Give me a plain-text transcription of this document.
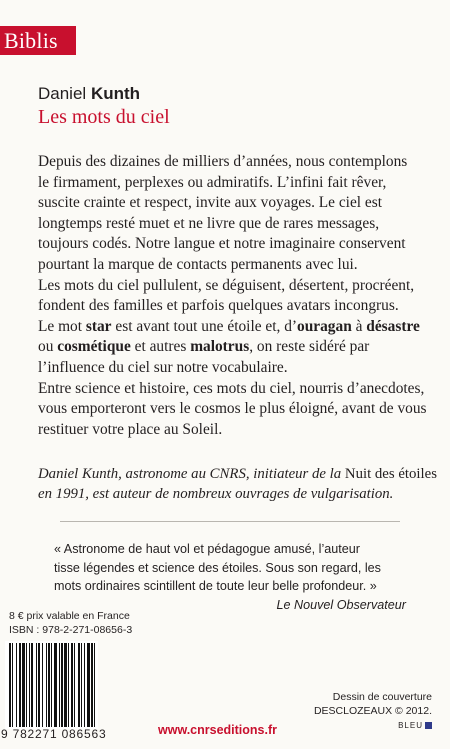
Biblis
Daniel Kunth
Les mots du ciel
Depuis des dizaines de milliers d’années, nous contemplons
le firmament, perplexes ou admiratifs. L’infini fait rêver,
suscite crainte et respect, invite aux voyages. Le ciel est
longtemps resté muet et ne livre que de rares messages,
toujours codés. Notre langue et notre imaginaire conservent
pourtant la marque de contacts permanents avec lui.
Les mots du ciel pullulent, se déguisent, désertent, procréent,
fondent des familles et parfois quelques avatars incongrus.
Le mot star est avant tout une étoile et, d’ouragan à désastre
ou cosmétique et autres malotrus, on reste sidéré par
l’influence du ciel sur notre vocabulaire.
Entre science et histoire, ces mots du ciel, nourris d’anecdotes,
vous emporteront vers le cosmos le plus éloigné, avant de vous
restituer votre place au Soleil.
Daniel Kunth, astronome au CNRS, initiateur de la Nuit des étoiles
en 1991, est auteur de nombreux ouvrages de vulgarisation.
« Astronome de haut vol et pédagogue amusé, l’auteur
tisse légendes et science des étoiles. Sous son regard, les
mots ordinaires scintillent de toute leur belle profondeur. »
Le Nouvel Observateur
8 € prix valable en France
ISBN : 978-2-271-08656-3
9 782271 086563	www.cnrseditions.fr
Dessin de couverture
DESCLOZEAUX © 2012.
BLEU
